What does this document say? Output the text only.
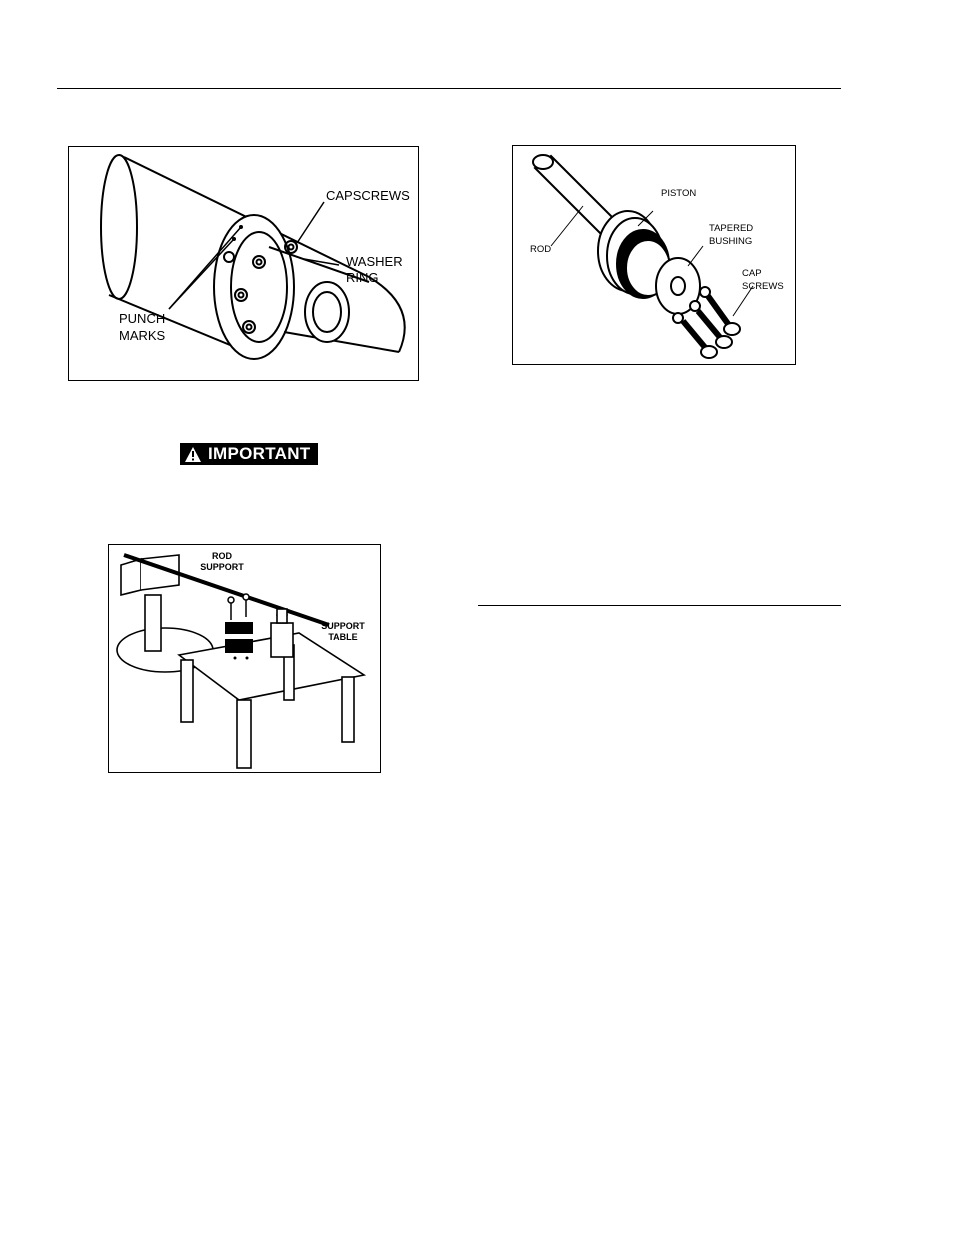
CAPSCREWS
WASHER
RING
PUNCH
MARKS
PISTON
ROD
TAPERED
BUSHING
CAP
SCREWS
IMPORTANT
ROD
SUPPORT
SUPPORT
TABLE
